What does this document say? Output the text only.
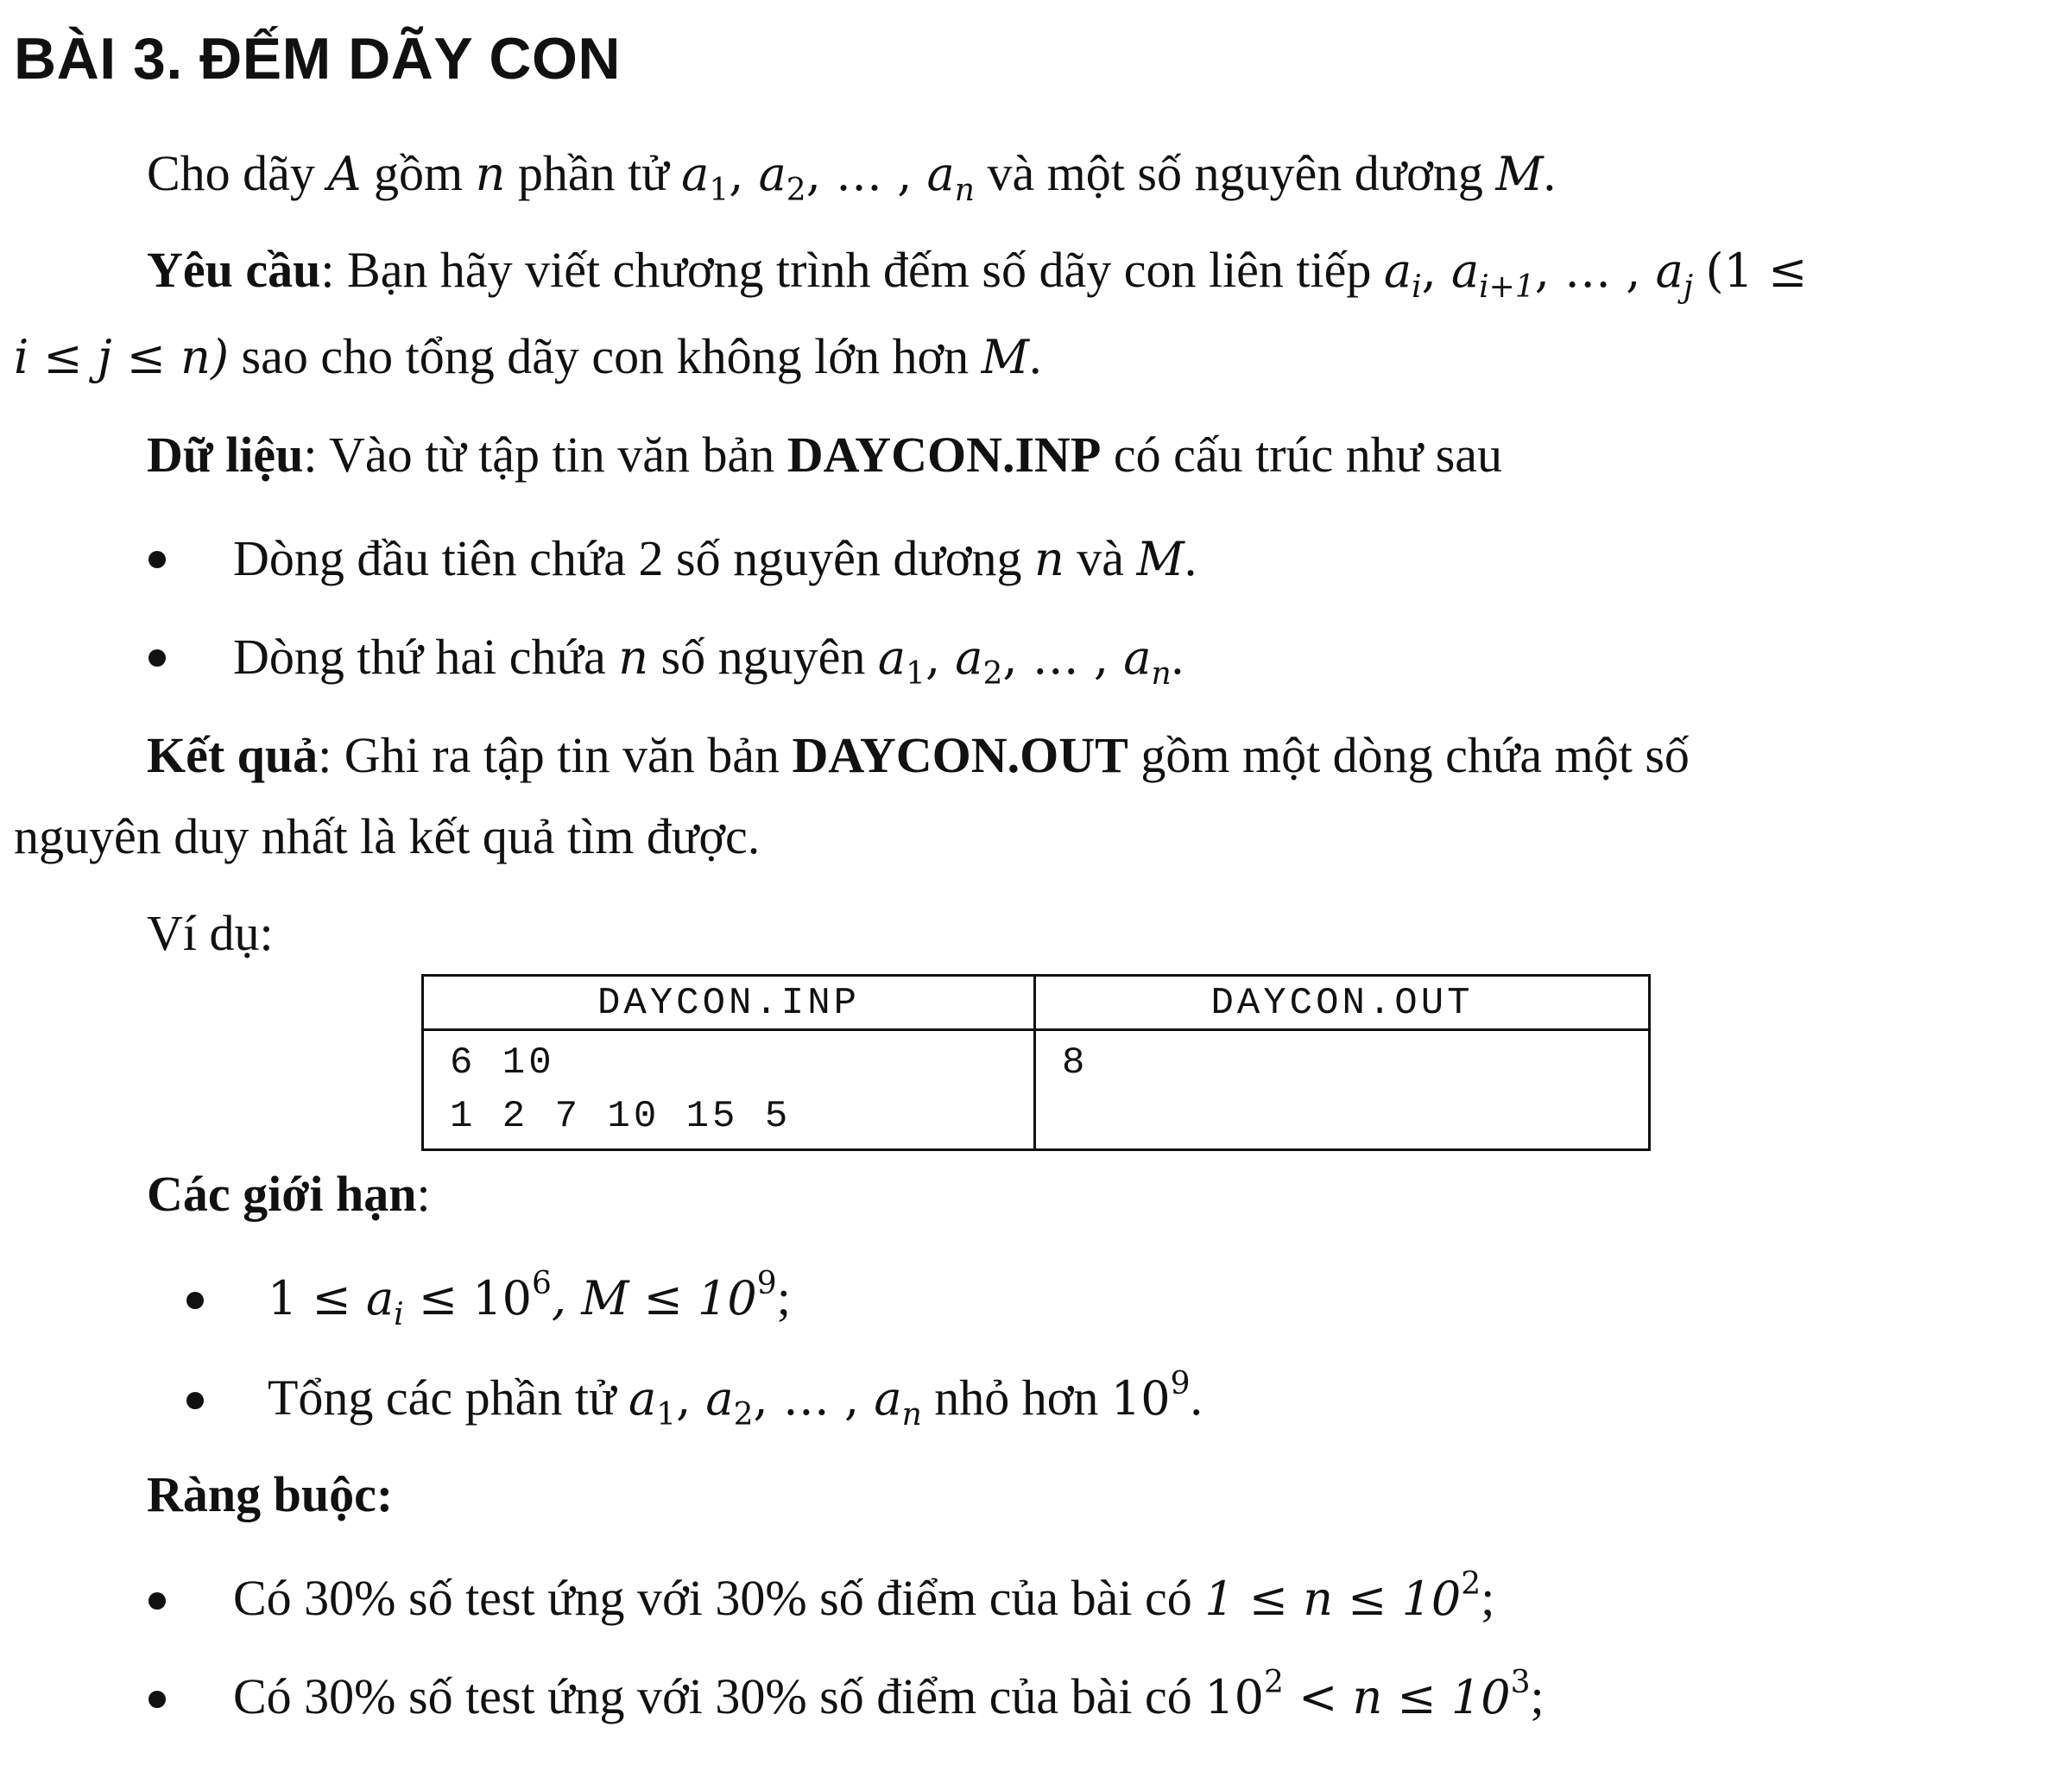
BÀI 3. ĐẾM DÃY CON
Cho dãy A gồm n phần tử $a_1$, $a_2$, … , $a_n$ và một số nguyên dương M.
Yêu cầu: Bạn hãy viết chương trình đếm số dãy con liên tiếp $a_i$, $a_{i+1}$, … , $a_j$ (1 ≤
i ≤ j ≤ n) sao cho tổng dãy con không lớn hơn M.
Dữ liệu: Vào từ tập tin văn bản DAYCON.INP có cấu trúc như sau
Dòng đầu tiên chứa 2 số nguyên dương n và M.
Dòng thứ hai chứa n số nguyên $a_1$, $a_2$, … , $a_n$.
Kết quả: Ghi ra tập tin văn bản DAYCON.OUT gồm một dòng chứa một số
nguyên duy nhất là kết quả tìm được.
Ví dụ:
DAYCON.INP	DAYCON.OUT

6 10
1 2 7 10 15 5	8
Các giới hạn:
$1 \le a_i \le 10^6$, $M \le 10^9$;
Tổng các phần tử $a_1$, $a_2$, … , $a_n$ nhỏ hơn $10^9$.
Ràng buộc:
Có 30% số test ứng với 30% số điểm của bài có $1 \le n \le 10^2$;
Có 30% số test ứng với 30% số điểm của bài có $10^2 < n \le 10^3$;
